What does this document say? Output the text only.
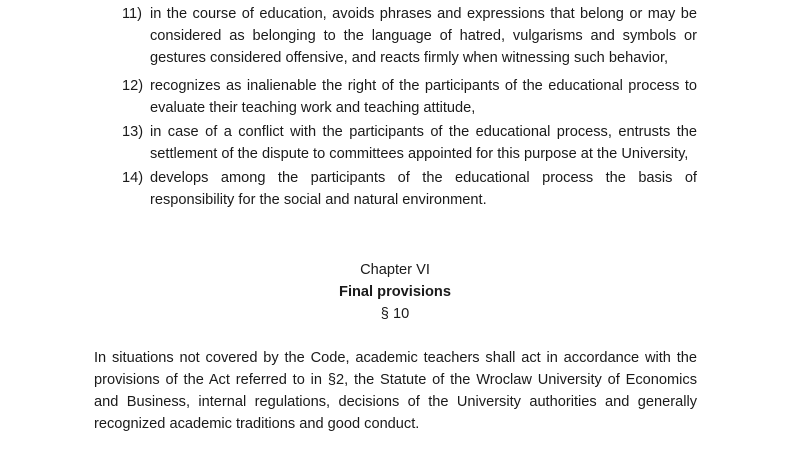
11) in the course of education, avoids phrases and expressions that belong or may be considered as belonging to the language of hatred, vulgarisms and symbols or gestures considered offensive, and reacts firmly when witnessing such behavior,
12) recognizes as inalienable the right of the participants of the educational process to evaluate their teaching work and teaching attitude,
13) in case of a conflict with the participants of the educational process, entrusts the settlement of the dispute to committees appointed for this purpose at the University,
14) develops among the participants of the educational process the basis of responsibility for the social and natural environment.
Chapter VI
Final provisions
§ 10
In situations not covered by the Code, academic teachers shall act in accordance with the provisions of the Act referred to in §2, the Statute of the Wroclaw University of Economics and Business, internal regulations, decisions of the University authorities and generally recognized academic traditions and good conduct.
